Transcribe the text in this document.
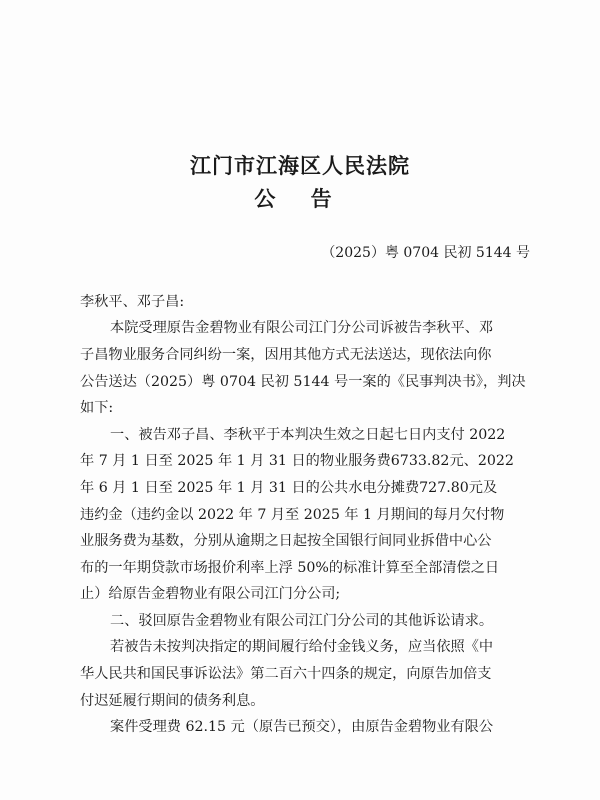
江门市江海区人民法院
公 告
（2025）粤 0704 民初 5144 号
李秋平、邓子昌:
本院受理原告金碧物业有限公司江门分公司诉被告李秋平、邓
子昌物业服务合同纠纷一案，因用其他方式无法送达，现依法向你
公告送达（2025）粤 0704 民初 5144 号一案的《民事判决书》，判决
如下:
一、被告邓子昌、李秋平于本判决生效之日起七日内支付 2022
年 7 月 1 日至 2025 年 1 月 31 日的物业服务费6733.82元、2022
年 6 月 1 日至 2025 年 1 月 31 日的公共水电分摊费727.80元及
违约金（违约金以 2022 年 7 月至 2025 年 1 月期间的每月欠付物
业服务费为基数，分别从逾期之日起按全国银行间同业拆借中心公
布的一年期贷款市场报价利率上浮 50%的标准计算至全部清偿之日
止）给原告金碧物业有限公司江门分公司;
二、驳回原告金碧物业有限公司江门分公司的其他诉讼请求。
若被告未按判决指定的期间履行给付金钱义务，应当依照《中
华人民共和国民事诉讼法》第二百六十四条的规定，向原告加倍支
付迟延履行期间的债务利息。
案件受理费 62.15 元（原告已预交），由原告金碧物业有限公
